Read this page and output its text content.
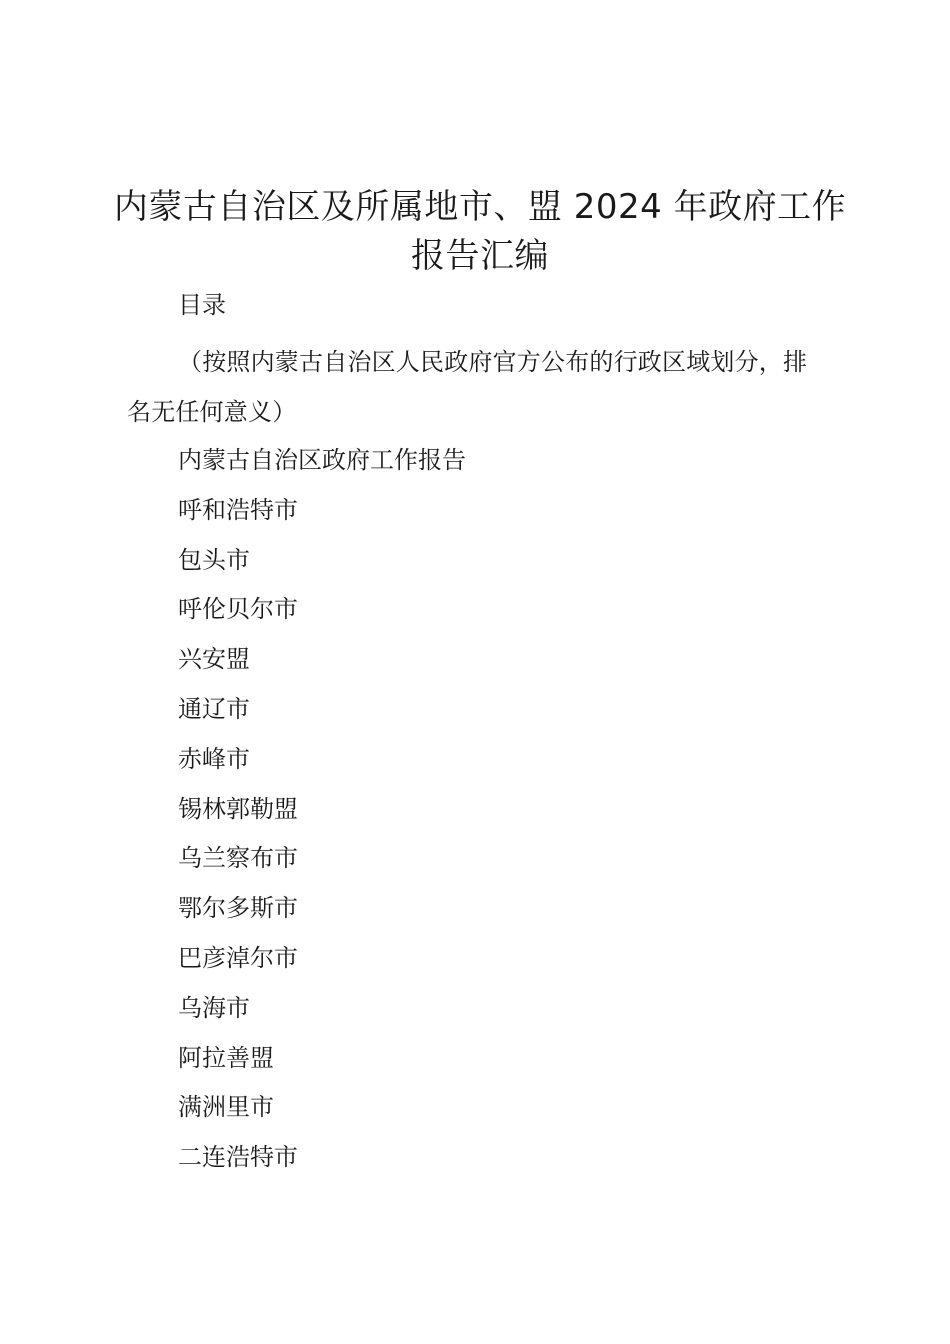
内蒙古自治区及所属地市、盟 2024 年政府工作报告汇编

目录

（按照内蒙古自治区人民政府官方公布的行政区域划分，排名无任何意义）

内蒙古自治区政府工作报告
呼和浩特市
包头市
呼伦贝尔市
兴安盟
通辽市
赤峰市
锡林郭勒盟
乌兰察布市
鄂尔多斯市
巴彦淖尔市
乌海市
阿拉善盟
满洲里市
二连浩特市
